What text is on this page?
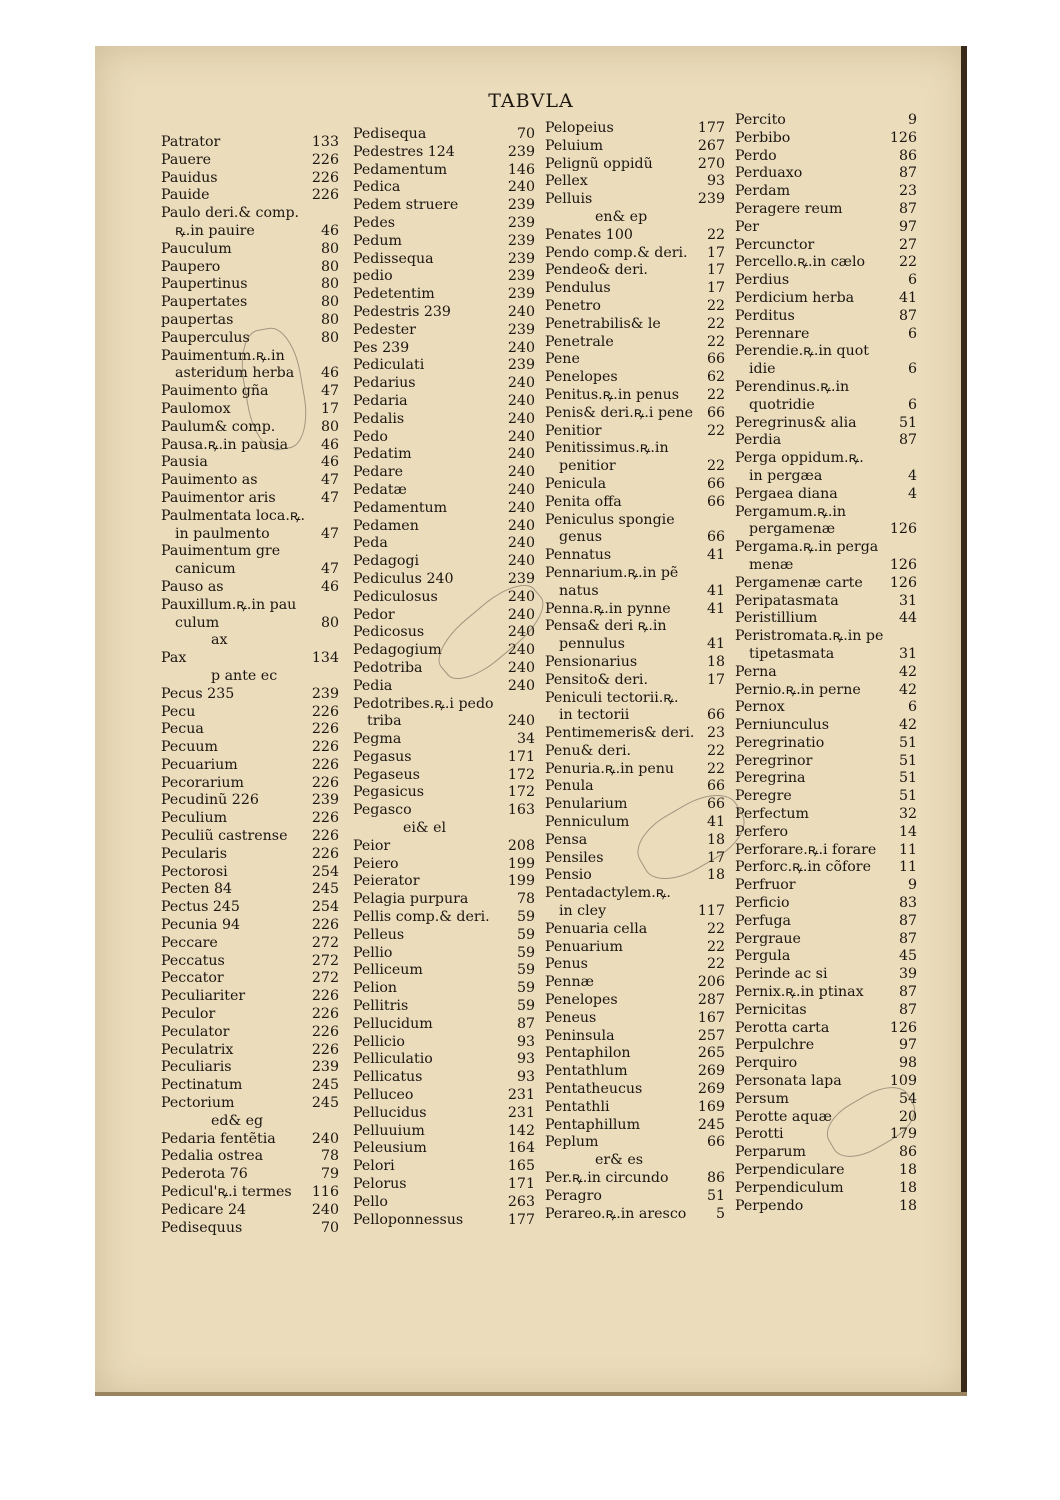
TABVLA
Patrator	133
Pauere	226
Pauidus	226
Pauide	226
Paulo deri.& comp.
ꝶ.in pauire	46
Pauculum	80
Paupero	80
Paupertinus	80
Paupertates	80
paupertas	80
Pauperculus	80
Pauimentum.ꝶ.in
asteridum herba 46
Pauimento gña	47
Paulomox	17
Paulum& comp.	80
Pausa.ꝶ.in pausia 46
Pausia	46
Pauimento as	47
Pauimentor aris	47
Paulmentata loca.ꝶ.
in paulmento	47
Pauimentum gre
canicum	47
Pauso as	46
Pauxillum.ꝶ.in pau
culum	80
ax
Pax	134
p ante ec
Pecus 235	239
Pecu	226
Pecua	226
Pecuum	226
Pecuarium	226
Pecorarium	226
Pecudinũ 226	239
Peculium	226
Peculiũ castrense 226
Pecularis	226
Pectorosi	254
Pecten 84	245
Pectus 245	254
Pecunia 94	226
Peccare	272
Peccatus	272
Peccator	272
Peculiariter	226
Peculor	226
Peculator	226
Peculatrix	226
Peculiaris	239
Pectinatum	245
Pectorium	245
ed& eg
Pedaria fentẽtia	240
Pedalia ostrea	78
Pederota 76	79
Pedicul'ꝶ.i termes 116
Pedicare 24	240
Pedisequus	70
Pedisequa	70
Pedestres 124	239
Pedamentum	146
Pedica	240
Pedem struere	239
Pedes	239
Pedum	239
Pedissequa	239
pedio	239
Pedetentim	239
Pedestris 239	240
Pedester	239
Pes 239	240
Pediculati	239
Pedarius	240
Pedaria	240
Pedalis	240
Pedo	240
Pedatim	240
Pedare	240
Pedatæ	240
Pedamentum	240
Pedamen	240
Peda	240
Pedagogi	240
Pediculus 240	239
Pediculosus	240
Pedor	240
Pedicosus	240
Pedagogium	240
Pedotriba	240
Pedia	240
Pedotribes.ꝶ.i pedo
triba	240
Pegma	34
Pegasus	171
Pegaseus	172
Pegasicus	172
Pegasco	163
ei& el
Peior	208
Peiero	199
Peierator	199
Pelagia purpura	78
Pellis comp.& deri. 59
Pelleus	59
Pellio	59
Pelliceum	59
Pelion	59
Pellitris	59
Pellucidum	87
Pellicio	93
Pelliculatio	93
Pellicatus	93
Pelluceo	231
Pellucidus	231
Pelluuium	142
Peleusium	164
Pelori	165
Pelorus	171
Pello	263
Pelloponnessus	177
Pelopeius	177
Peluium	267
Pelignũ oppidũ	270
Pellex	93
Pelluis	239
en& ep
Penates 100	22
Pendo comp.& deri. 17
Pendeo& deri.	17
Pendulus	17
Penetro	22
Penetrabilis& le	22
Penetrale	22
Pene	66
Penelopes	62
Penitus.ꝶ.in penus 22
Penis& deri.ꝶ.i pene 66
Penitior	22
Penitissimus.ꝶ.in
penitior	22
Penicula	66
Penita offa	66
Peniculus spongie
genus	66
Pennatus	41
Pennarium.ꝶ.in pẽ
natus	41
Penna.ꝶ.in pynne	41
Pensa& deri ꝶ.in
pennulus	41
Pensionarius	18
Pensito& deri.	17
Peniculi tectorii.ꝶ.
in tectorii	66
Pentimemeris& deri. 23
Penu& deri.	22
Penuria.ꝶ.in penu 22
Penula	66
Penularium	66
Penniculum	41
Pensa	18
Pensiles	17
Pensio	18
Pentadactylem.ꝶ.
in cley	117
Penuaria cella	22
Penuarium	22
Penus	22
Pennæ	206
Penelopes	287
Peneus	167
Peninsula	257
Pentaphilon	265
Pentathlum	269
Pentatheucus	269
Pentathli	169
Pentaphillum	245
Peplum	66
er& es
Per.ꝶ.in circundo	86
Peragro	51
Perareo.ꝶ.in aresco 5
Percito	9
Perbibo	126
Perdo	86
Perduaxo	87
Perdam	23
Peragere reum	87
Per	97
Percunctor	27
Percello.ꝶ.in cælo 22
Perdius	6
Perdicium herba	41
Perditus	87
Perennare	6
Perendie.ꝶ.in quot
idie	6
Perendinus.ꝶ.in
quotridie	6
Peregrinus& alia	51
Perdia	87
Perga oppidum.ꝶ.
in pergæa	4
Pergaea diana	4
Pergamum.ꝶ.in
pergamenæ	126
Pergama.ꝶ.in perga
menæ	126
Pergamenæ carte 126
Peripatasmata	31
Peristillium	44
Peristromata.ꝶ.in pe
tipetasmata	31
Perna	42
Pernio.ꝶ.in perne	42
Pernox	6
Perniunculus	42
Peregrinatio	51
Peregrinor	51
Peregrina	51
Peregre	51
Perfectum	32
Perfero	14
Perforare.ꝶ.i forare 11
Perforc.ꝶ.in cõfore 11
Perfruor	9
Perficio	83
Perfuga	87
Pergraue	87
Pergula	45
Perinde ac si	39
Pernix.ꝶ.in ptinax 87
Pernicitas	87
Perotta carta	126
Perpulchre	97
Perquiro	98
Personata lapa	109
Persum	54
Perotte aquæ	20
Perotti	179
Perparum	86
Perpendiculare	18
Perpendiculum	18
Perpendo	18
